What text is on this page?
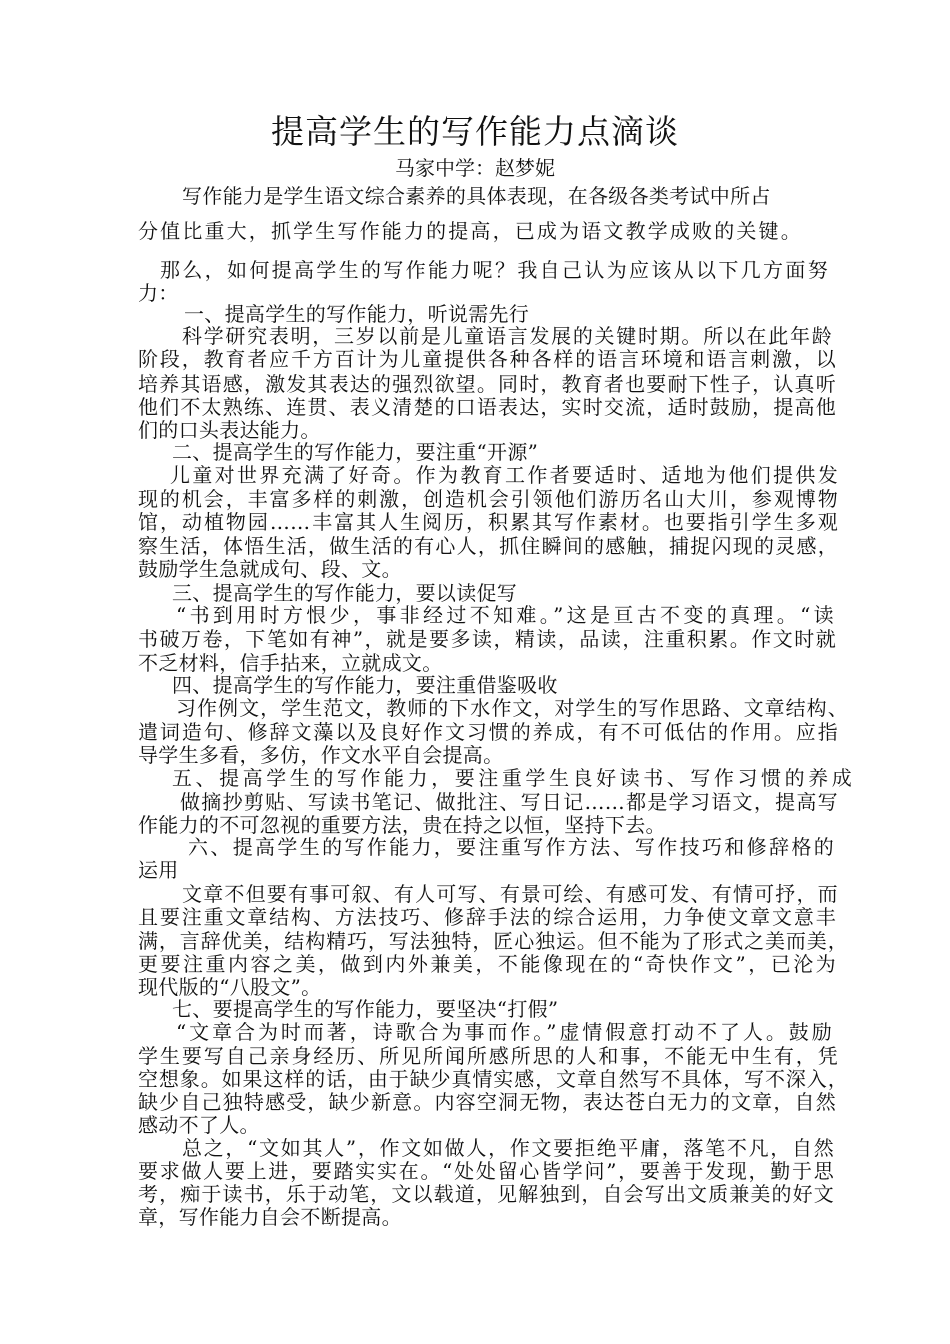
提高学生的写作能力点滴谈
马家中学：赵梦妮
写作能力是学生语文综合素养的具体表现，在各级各类考试中所占
分值比重大，抓学生写作能力的提高，已成为语文教学成败的关键。
那么，如何提高学生的写作能力呢？我自己认为应该从以下几方面努
力：
一、提高学生的写作能力，听说需先行
科学研究表明，三岁以前是儿童语言发展的关键时期。所以在此年龄
阶段，教育者应千方百计为儿童提供各种各样的语言环境和语言刺激，以
培养其语感，激发其表达的强烈欲望。同时，教育者也要耐下性子，认真听
他们不太熟练、连贯、表义清楚的口语表达，实时交流，适时鼓励，提高他
们的口头表达能力。
二、提高学生的写作能力，要注重“开源”
儿童对世界充满了好奇。作为教育工作者要适时、适地为他们提供发
现的机会，丰富多样的刺激，创造机会引领他们游历名山大川，参观博物
馆，动植物园……丰富其人生阅历，积累其写作素材。也要指引学生多观
察生活，体悟生活，做生活的有心人，抓住瞬间的感触，捕捉闪现的灵感，
鼓励学生急就成句、段、文。
三、提高学生的写作能力，要以读促写
“书到用时方恨少，事非经过不知难。”这是亘古不变的真理。“读
书破万卷，下笔如有神”，就是要多读，精读，品读，注重积累。作文时就
不乏材料，信手拈来，立就成文。
四、提高学生的写作能力，要注重借鉴吸收
习作例文，学生范文，教师的下水作文，对学生的写作思路、文章结构、
遣词造句、修辞文藻以及良好作文习惯的养成，有不可低估的作用。应指
导学生多看，多仿，作文水平自会提高。
五、提高学生的写作能力，要注重学生良好读书、写作习惯的养成
做摘抄剪贴、写读书笔记、做批注、写日记……都是学习语文，提高写
作能力的不可忽视的重要方法，贵在持之以恒，坚持下去。
六、提高学生的写作能力，要注重写作方法、写作技巧和修辞格的
运用
文章不但要有事可叙、有人可写、有景可绘、有感可发、有情可抒，而
且要注重文章结构、方法技巧、修辞手法的综合运用，力争使文章文意丰
满，言辞优美，结构精巧，写法独特，匠心独运。但不能为了形式之美而美，
更要注重内容之美，做到内外兼美，不能像现在的“奇快作文”，已沦为
现代版的“八股文”。
七、要提高学生的写作能力，要坚决“打假”
“文章合为时而著，诗歌合为事而作。”虚情假意打动不了人。鼓励
学生要写自己亲身经历、所见所闻所感所思的人和事，不能无中生有，凭
空想象。如果这样的话，由于缺少真情实感，文章自然写不具体，写不深入，
缺少自己独特感受，缺少新意。内容空洞无物，表达苍白无力的文章，自然
感动不了人。
总之，“文如其人”，作文如做人，作文要拒绝平庸，落笔不凡，自然
要求做人要上进，要踏实实在。“处处留心皆学问”，要善于发现，勤于思
考，痴于读书，乐于动笔，文以载道，见解独到，自会写出文质兼美的好文
章，写作能力自会不断提高。
